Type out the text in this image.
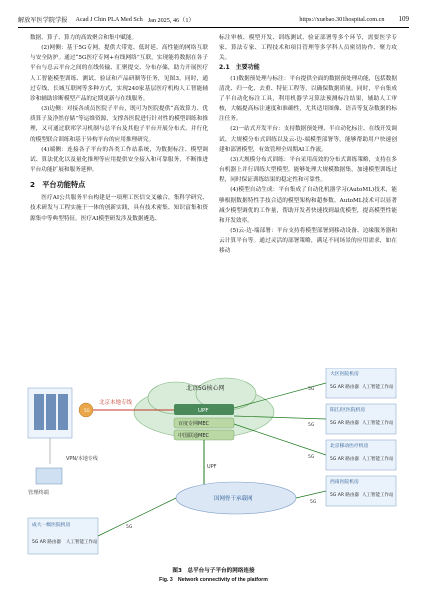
解放军医学院学报 Acad J Chin PLA Med Sch Jan 2025, 46（1）	https://xuebao.301hospital.com.cn 109

数据、算子、算力的高效聚合和集中赋能。

(2)网侧：基于5G专网，提供大带宽、低时延、高性能的网络互联与安全防护。通过“5G医疗专网+有线网络”互联，实现能将数据在各子平台与总云平台之间的在线传输、汇聚提交、分布存储，助力开展医疗人工智能模型训练、测试、验证和产品研制等任务，见图3。同时，通过专线、长城互联网等多种方式，实现240家基层医疗机构人工智能辅诊和辅助诊断模型产品的定期更新与在线服务。

(3)边侧：对接各成员医院子平台，既可为医院提供“高效算力、优质算子及净然存储”等运维资源，支撑各医院进行针对性的模型训练和推理，又可通过联邦学习机制与总平台及其他子平台开展分布式、并行化的模型联合训练和基于异构平台的应用推理研究。

(4)端侧：连接各子平台的各类工作站系统，为数据标注、模型调试、算法优化以及量化推理等应用提供安全接入和可靠服务，不断推进平台功能扩展和服务延伸。

2　平台功能特点

医疗AI公共服务平台构建是一项理工医信交叉融合，集科学研究、技术研发与工程实施于一体的创新实践，具有技术密集、知识富集和资源集中等典型特征。医疗AI模型研发涉及数据遴选、

标注审核、模型开发、训练测试、验证部署等多个环节，需要医学专家、算法专家、工程技术和项目管理等多学科人员密切协作、聚力攻关。

2.1　主要功能

(1)数据预处理与标注：平台提供全面的数据预处理功能，包括数据清洗、归一化、去重、特征工程等，以确保数据质量。同时，平台集成了半自动化标注工具，利用机器学习算法预测标注结果，辅助人工审核，大幅提高标注速度和准确性，尤其适用图像、语音等复杂数据的标注任务。

(2)一站式开发平台：支持数据预处理、半自动化标注、在线开发调试、大规模分布式训练以及云-边-端模型部署等，能够帮助用户快速创建和部署模型，有效管理全周期AI工作流。

(3)大规模分布式训练：平台采用高效的分布式训练策略，支持在多台机器上并行训练大型模型，能够处理大规模数据集，加速模型训练过程，同时保证训练结果的稳定性和可靠性。

(4)模型自动生成：平台集成了自动化机器学习(AutoML)技术，能够根据数据特性手技合适的模型架构和超参数。AutoML技术可以显著减少模型调优的工作量，帮助开发者快速找到最优模型，提高模型性能和开发效率。

(5)云-边-端部署：平台支持将模型部署到移动设备、边缘服务器和云计算平台等。通过灵活的部署策略，满足不同场景的应用需求，如在移动

北京5G核心网
UPF
百度专网MEC
中国联通MEC
5G
北京本地专线
VPN/本地专线
管理终端
UPF
国网骨干承载网
大区医院机房
5G AR 路由器 人工智能工作站
阳江/区医院机房
5G AR 路由器 人工智能工作站
北京移动医疗机房
5G AR 路由器 人工智能工作站
西南医院机房
5G AR 路由器 人工智能工作站
成大一级医院机房
5G AR 路由器 人工智能工作站
5G
5G
5G
5G
5G
图3　总平台与子平台的网络连接
Fig. 3　Network connectivity of the platform
